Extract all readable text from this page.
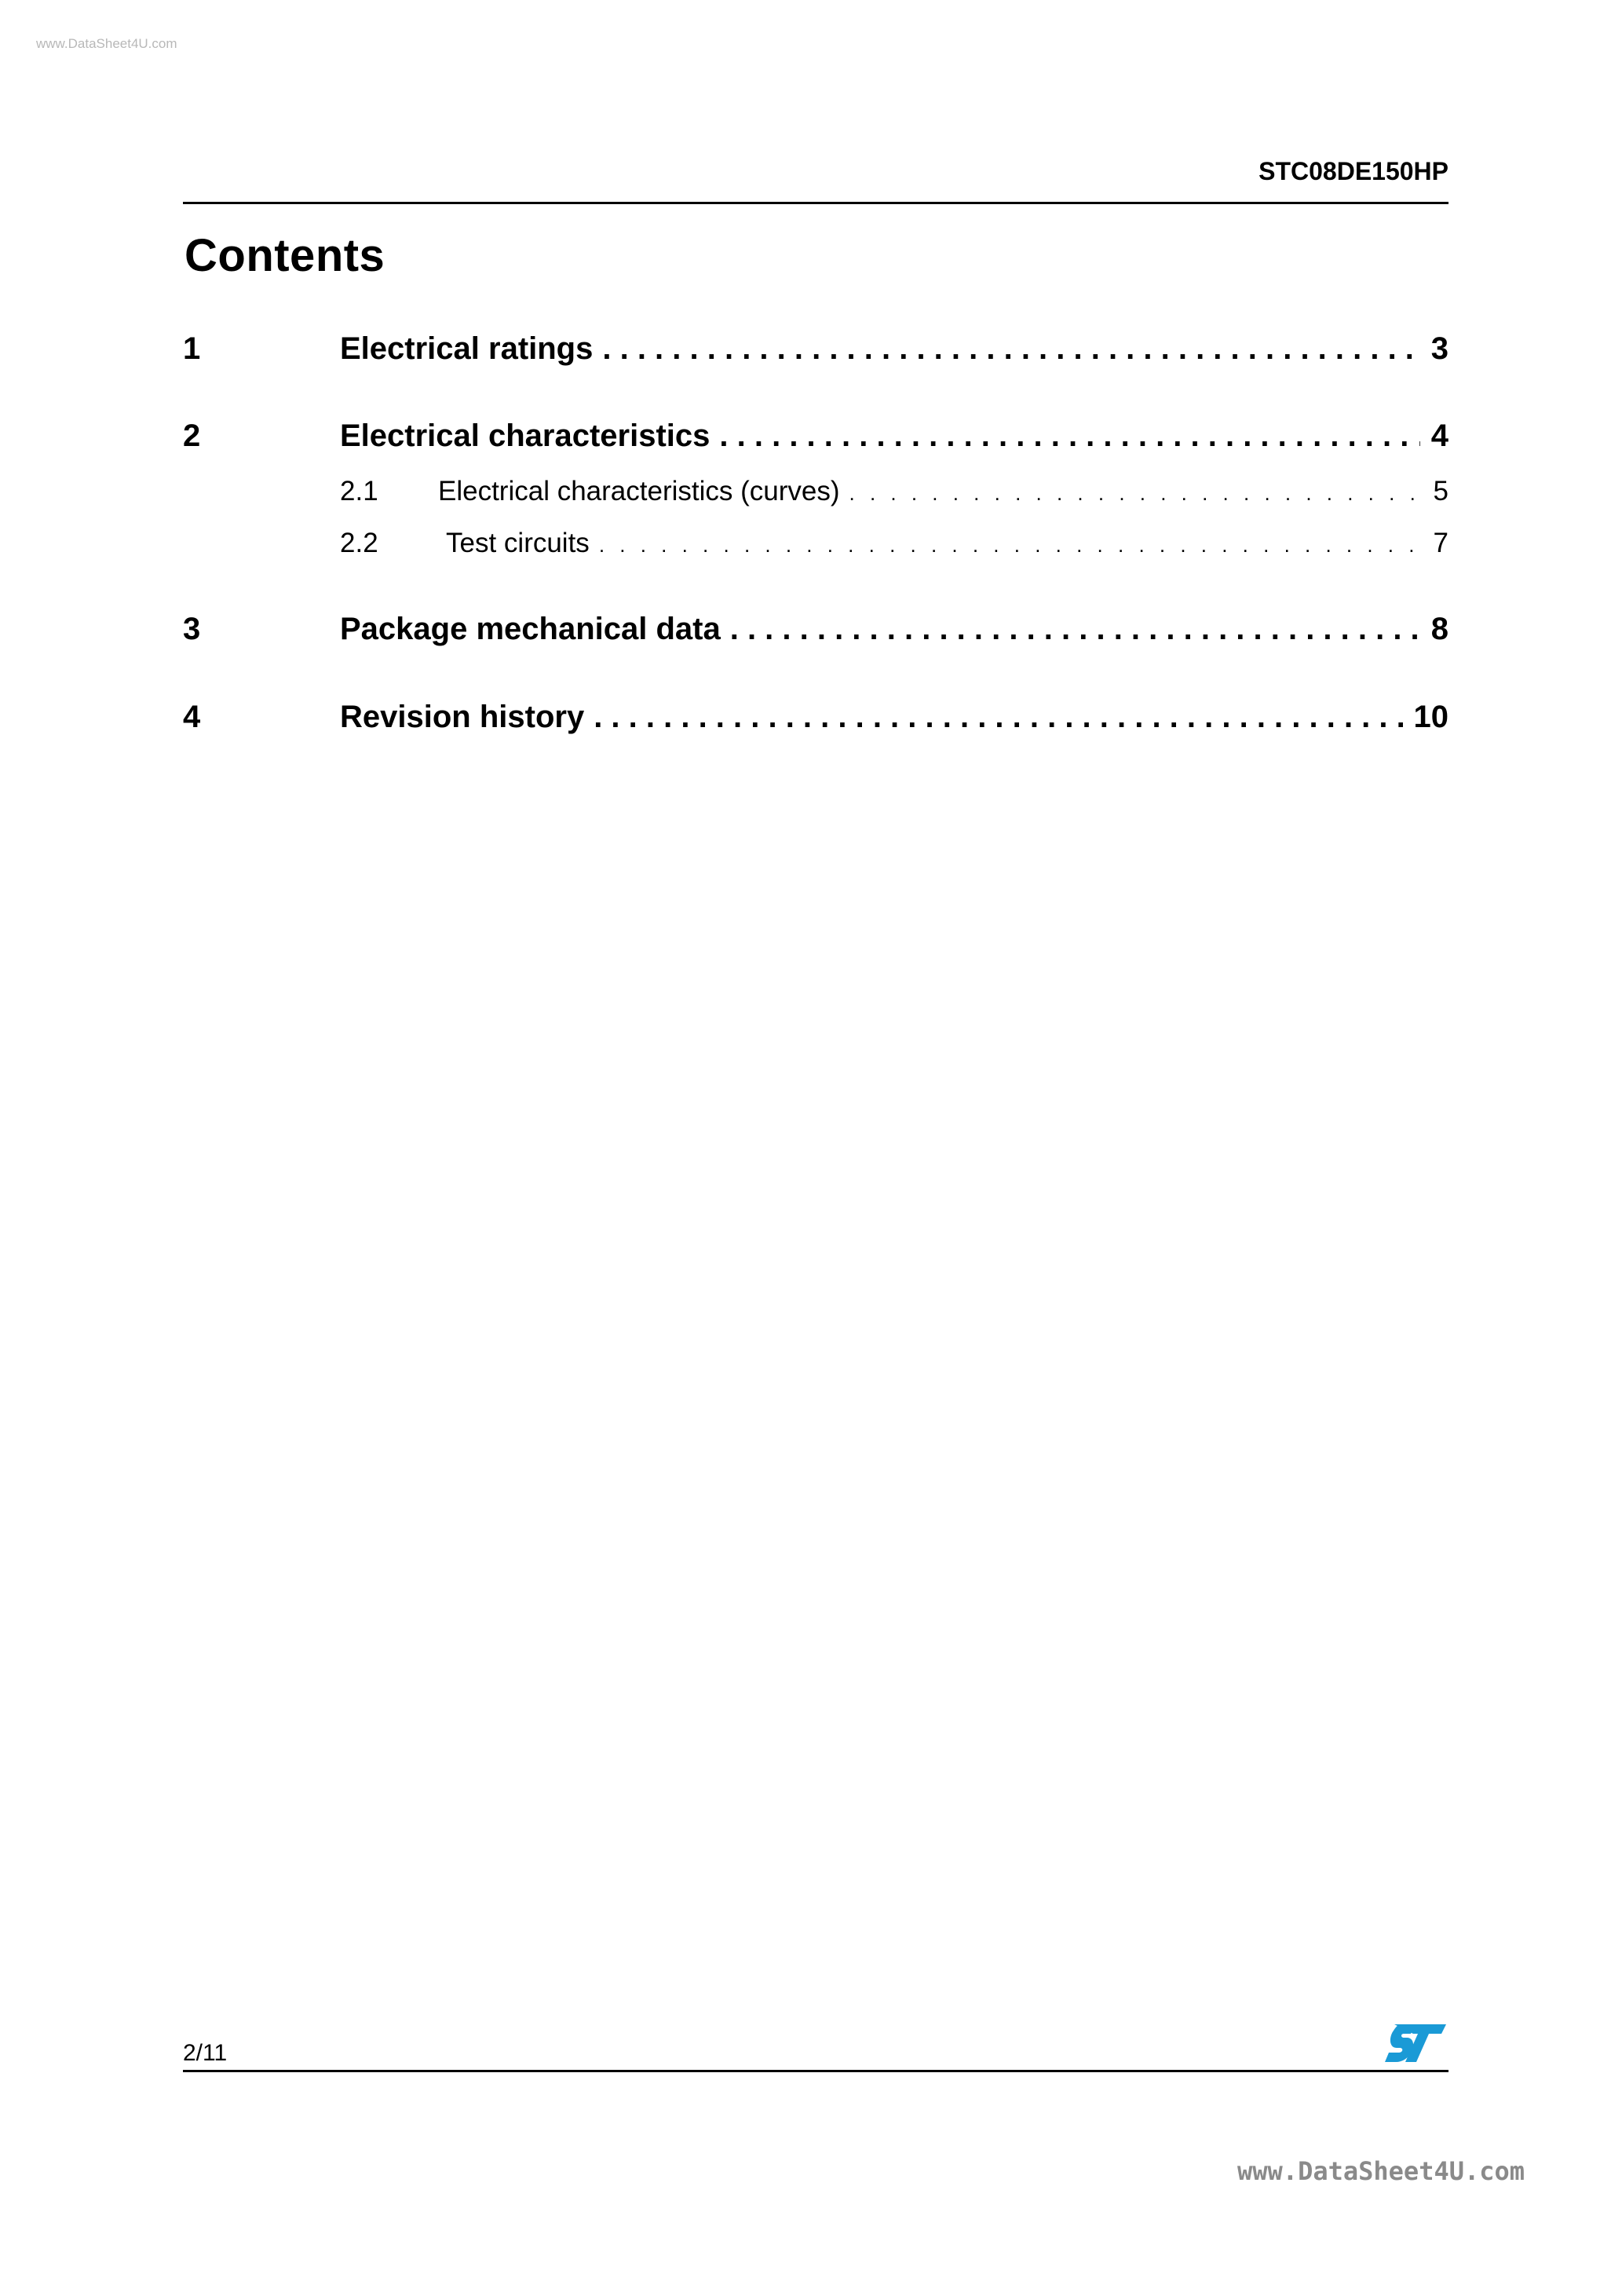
www.DataSheet4U.com
STC08DE150HP
Contents
1	Electrical ratings . . .	3
2	Electrical characteristics . . .	4
2.1	Electrical characteristics (curves) . . .	5
2.2	Test circuits . . .	7
3	Package mechanical data . . .	8
4	Revision history . . .	10
2/11
www.DataSheet4U.com
